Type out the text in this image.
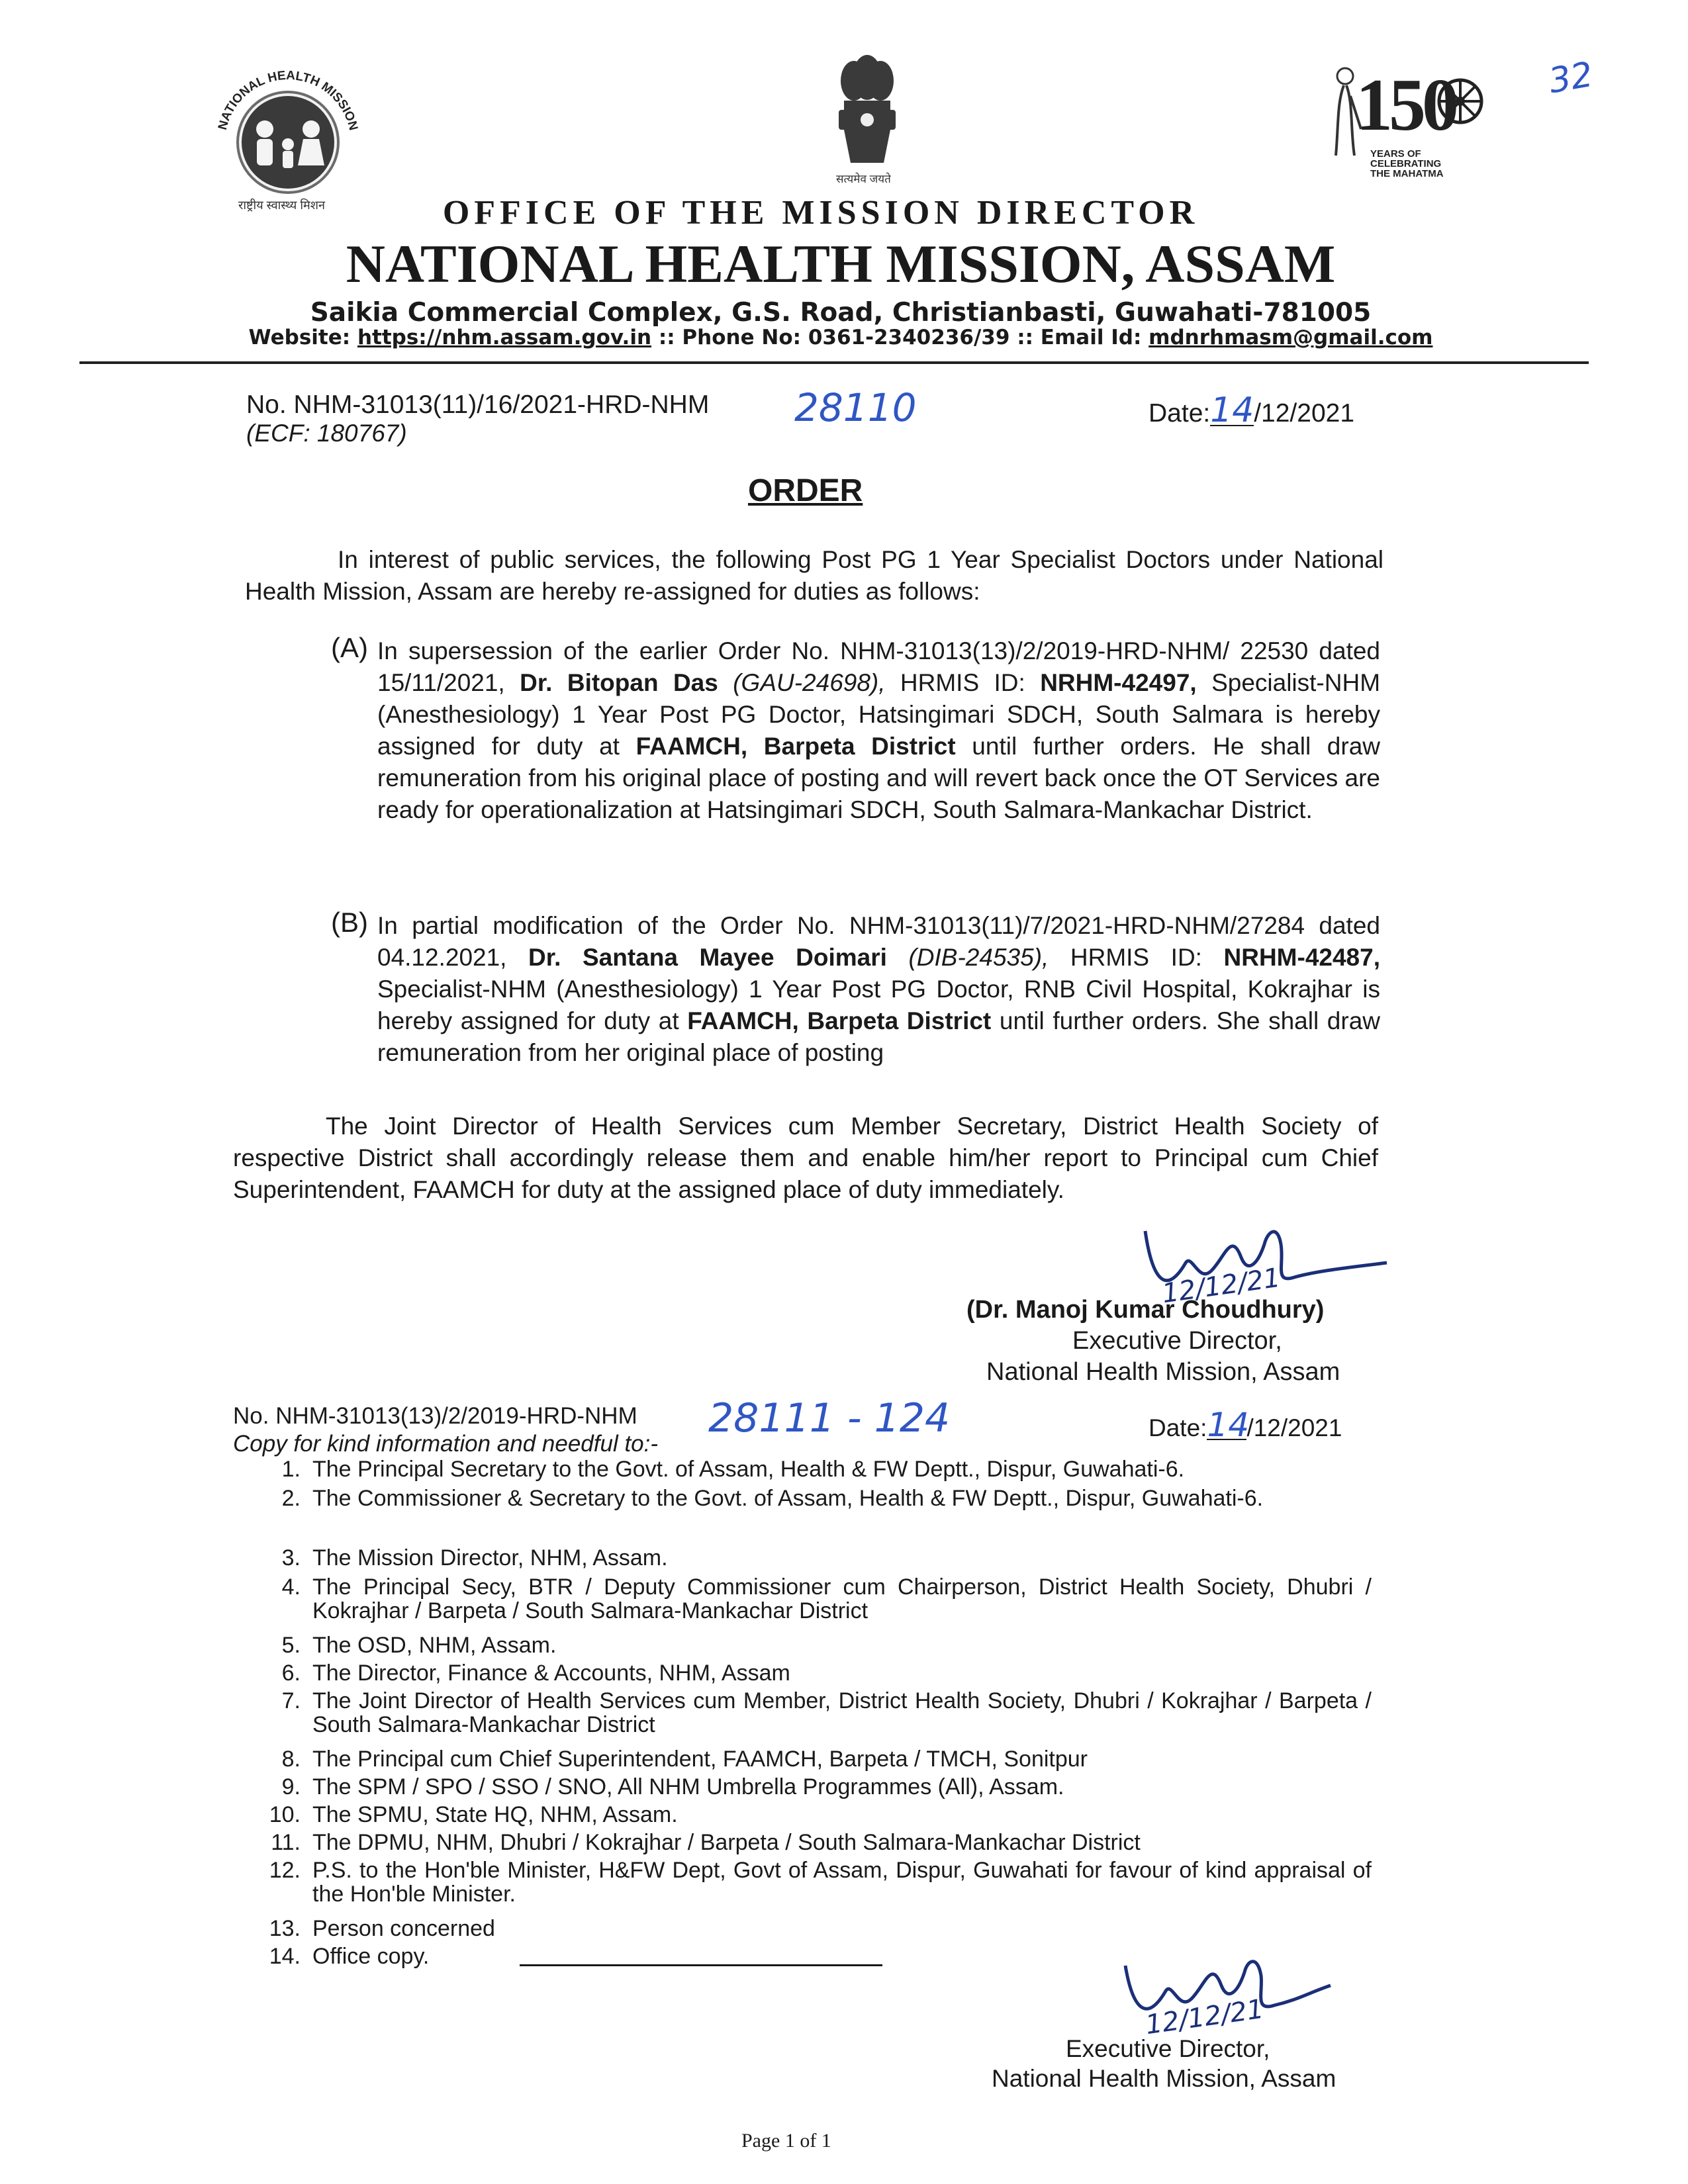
32
NATIONAL HEALTH MISSION
राष्ट्रीय स्वास्थ्य मिशन
सत्यमेव जयते
150
YEARS OF
CELEBRATING
THE MAHATMA
OFFICE OF THE MISSION DIRECTOR
NATIONAL HEALTH MISSION, ASSAM
Saikia Commercial Complex, G.S. Road, Christianbasti, Guwahati-781005
Website: https://nhm.assam.gov.in :: Phone No: 0361-2340236/39 :: Email Id: mdnrhmasm@gmail.com
No. NHM-31013(11)/16/2021-HRD-NHM 28110
(ECF: 180767)
Date:14/12/2021
ORDER
In interest of public services, the following Post PG 1 Year Specialist Doctors under National Health Mission, Assam are hereby re-assigned for duties as follows:
(A) In supersession of the earlier Order No. NHM-31013(13)/2/2019-HRD-NHM/ 22530 dated 15/11/2021, Dr. Bitopan Das (GAU-24698), HRMIS ID: NRHM-42497, Specialist-NHM (Anesthesiology) 1 Year Post PG Doctor, Hatsingimari SDCH, South Salmara is hereby assigned for duty at FAAMCH, Barpeta District until further orders. He shall draw remuneration from his original place of posting and will revert back once the OT Services are ready for operationalization at Hatsingimari SDCH, South Salmara-Mankachar District.
(B) In partial modification of the Order No. NHM-31013(11)/7/2021-HRD-NHM/27284 dated 04.12.2021, Dr. Santana Mayee Doimari (DIB-24535), HRMIS ID: NRHM-42487, Specialist-NHM (Anesthesiology) 1 Year Post PG Doctor, RNB Civil Hospital, Kokrajhar is hereby assigned for duty at FAAMCH, Barpeta District until further orders. She shall draw remuneration from her original place of posting
The Joint Director of Health Services cum Member Secretary, District Health Society of respective District shall accordingly release them and enable him/her report to Principal cum Chief Superintendent, FAAMCH for duty at the assigned place of duty immediately.
12/12/21
(Dr. Manoj Kumar Choudhury)
Executive Director,
National Health Mission, Assam
No. NHM-31013(13)/2/2019-HRD-NHM 28111 - 124	Date:14/12/2021
Copy for kind information and needful to:-
1. The Principal Secretary to the Govt. of Assam, Health & FW Deptt., Dispur, Guwahati-6.
2. The Commissioner & Secretary to the Govt. of Assam, Health & FW Deptt., Dispur, Guwahati-6.
3. The Mission Director, NHM, Assam.
4. The Principal Secy, BTR / Deputy Commissioner cum Chairperson, District Health Society, Dhubri / Kokrajhar / Barpeta / South Salmara-Mankachar District
5. The OSD, NHM, Assam.
6. The Director, Finance & Accounts, NHM, Assam
7. The Joint Director of Health Services cum Member, District Health Society, Dhubri / Kokrajhar / Barpeta / South Salmara-Mankachar District
8. The Principal cum Chief Superintendent, FAAMCH, Barpeta / TMCH, Sonitpur
9. The SPM / SPO / SSO / SNO, All NHM Umbrella Programmes (All), Assam.
10. The SPMU, State HQ, NHM, Assam.
11. The DPMU, NHM, Dhubri / Kokrajhar / Barpeta / South Salmara-Mankachar District
12. P.S. to the Hon'ble Minister, H&FW Dept, Govt of Assam, Dispur, Guwahati for favour of kind appraisal of the Hon'ble Minister.
13. Person concerned
14. Office copy.
12/12/21
Executive Director,
National Health Mission, Assam
Page 1 of 1
